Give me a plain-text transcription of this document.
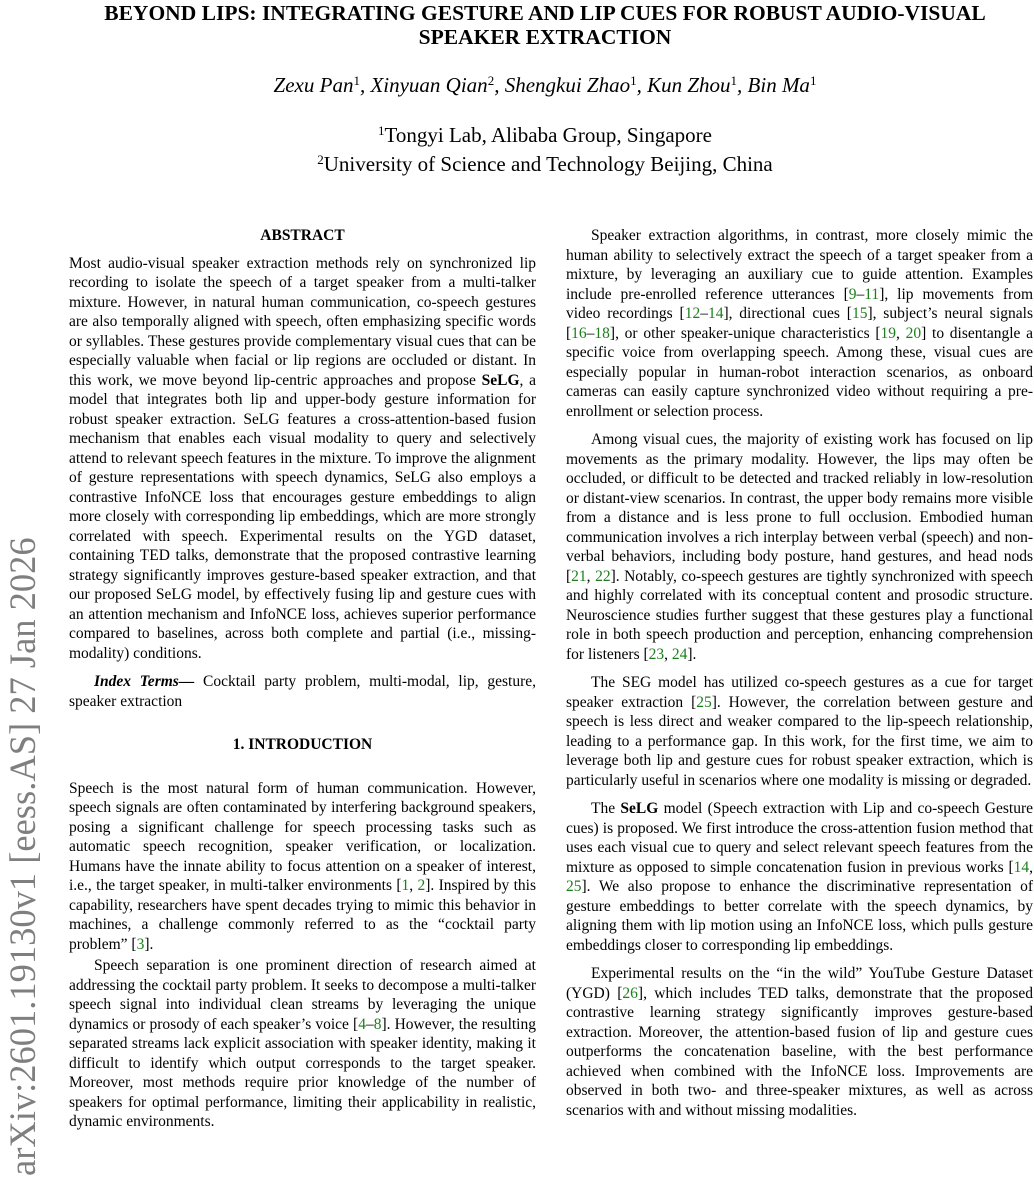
arXiv:2601.19130v1 [eess.AS] 27 Jan 2026
BEYOND LIPS: INTEGRATING GESTURE AND LIP CUES FOR ROBUST AUDIO-VISUAL
SPEAKER EXTRACTION
Zexu Pan$^1$, Xinyuan Qian$^2$, Shengkui Zhao$^1$, Kun Zhou$^1$, Bin Ma$^1$
$^1$Tongyi Lab, Alibaba Group, Singapore
$^2$University of Science and Technology Beijing, China
ABSTRACT

Most audio-visual speaker extraction methods rely on synchronized lip recording to isolate the speech of a target speaker from a multi-talker mixture. However, in natural human communication, co-speech gestures are also temporally aligned with speech, often emphasizing specific words or syllables. These gestures provide complementary visual cues that can be especially valuable when facial or lip regions are occluded or distant. In this work, we move beyond lip-centric approaches and propose SeLG, a model that integrates both lip and upper-body gesture information for robust speaker extraction. SeLG features a cross-attention-based fusion mechanism that enables each visual modality to query and selectively attend to relevant speech features in the mixture. To improve the alignment of gesture representations with speech dynamics, SeLG also employs a contrastive InfoNCE loss that encourages gesture embeddings to align more closely with corresponding lip embeddings, which are more strongly correlated with speech. Experimental results on the YGD dataset, containing TED talks, demonstrate that the proposed contrastive learning strategy significantly improves gesture-based speaker extraction, and that our proposed SeLG model, by effectively fusing lip and gesture cues with an attention mechanism and InfoNCE loss, achieves superior performance compared to baselines, across both complete and partial (i.e., missing-modality) conditions.

Index Terms— Cocktail party problem, multi-modal, lip, gesture, speaker extraction

1. INTRODUCTION

Speech is the most natural form of human communication. However, speech signals are often contaminated by interfering background speakers, posing a significant challenge for speech processing tasks such as automatic speech recognition, speaker verification, or localization. Humans have the innate ability to focus attention on a speaker of interest, i.e., the target speaker, in multi-talker environments [1, 2]. Inspired by this capability, researchers have spent decades trying to mimic this behavior in machines, a challenge commonly referred to as the “cocktail party problem” [3].

Speech separation is one prominent direction of research aimed at addressing the cocktail party problem. It seeks to decompose a multi-talker speech signal into individual clean streams by leveraging the unique dynamics or prosody of each speaker’s voice [4–8]. However, the resulting separated streams lack explicit association with speaker identity, making it difficult to identify which output corresponds to the target speaker. Moreover, most methods require prior knowledge of the number of speakers for optimal performance, limiting their applicability in realistic, dynamic environments.

Speaker extraction algorithms, in contrast, more closely mimic the human ability to selectively extract the speech of a target speaker from a mixture, by leveraging an auxiliary cue to guide attention. Examples include pre-enrolled reference utterances [9–11], lip movements from video recordings [12–14], directional cues [15], subject’s neural signals [16–18], or other speaker-unique characteristics [19, 20] to disentangle a specific voice from overlapping speech. Among these, visual cues are especially popular in human-robot interaction scenarios, as onboard cameras can easily capture synchronized video without requiring a pre-enrollment or selection process.

Among visual cues, the majority of existing work has focused on lip movements as the primary modality. However, the lips may often be occluded, or difficult to be detected and tracked reliably in low-resolution or distant-view scenarios. In contrast, the upper body remains more visible from a distance and is less prone to full occlusion. Embodied human communication involves a rich interplay between verbal (speech) and non-verbal behaviors, including body posture, hand gestures, and head nods [21, 22]. Notably, co-speech gestures are tightly synchronized with speech and highly correlated with its conceptual content and prosodic structure. Neuroscience studies further suggest that these gestures play a functional role in both speech production and perception, enhancing comprehension for listeners [23, 24].

The SEG model has utilized co-speech gestures as a cue for target speaker extraction [25]. However, the correlation between gesture and speech is less direct and weaker compared to the lip-speech relationship, leading to a performance gap. In this work, for the first time, we aim to leverage both lip and gesture cues for robust speaker extraction, which is particularly useful in scenarios where one modality is missing or degraded.

The SeLG model (Speech extraction with Lip and co-speech Gesture cues) is proposed. We first introduce the cross-attention fusion method that uses each visual cue to query and select relevant speech features from the mixture as opposed to simple concatenation fusion in previous works [14, 25]. We also propose to enhance the discriminative representation of gesture embeddings to better correlate with the speech dynamics, by aligning them with lip motion using an InfoNCE loss, which pulls gesture embeddings closer to corresponding lip embeddings.

Experimental results on the “in the wild” YouTube Gesture Dataset (YGD) [26], which includes TED talks, demonstrate that the proposed contrastive learning strategy significantly improves gesture-based extraction. Moreover, the attention-based fusion of lip and gesture cues outperforms the concatenation baseline, with the best performance achieved when combined with the InfoNCE loss. Improvements are observed in both two- and three-speaker mixtures, as well as across scenarios with and without missing modalities.
